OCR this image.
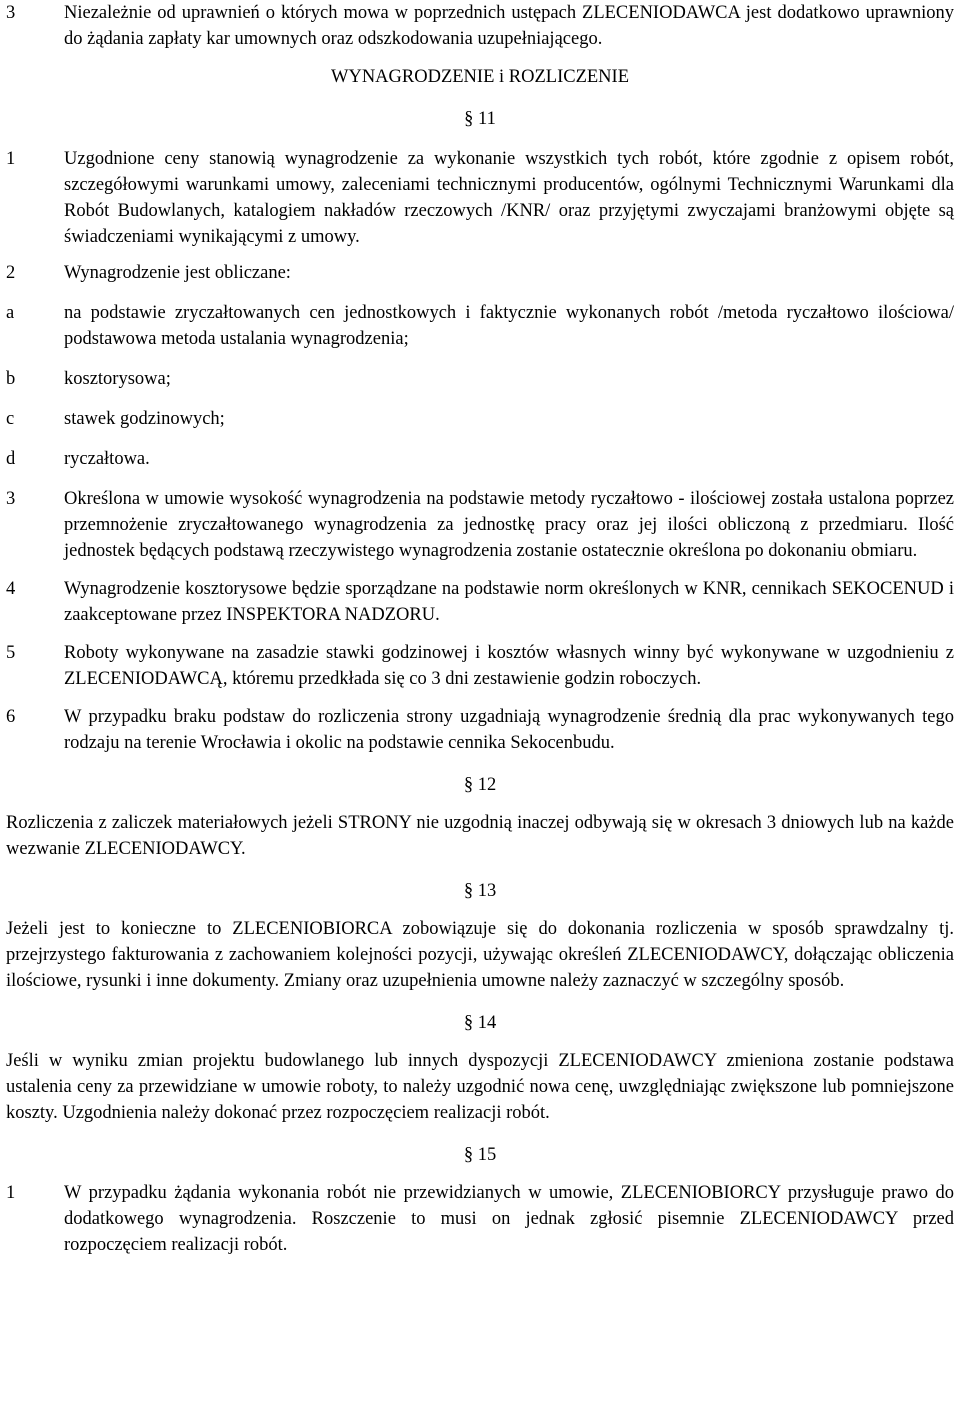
3	Niezależnie od uprawnień o których mowa w poprzednich ustępach ZLECENIODAWCA jest dodatkowo uprawniony do żądania zapłaty kar umownych oraz odszkodowania uzupełniającego.
WYNAGRODZENIE i ROZLICZENIE
§ 11
1	Uzgodnione ceny stanowią wynagrodzenie za wykonanie wszystkich tych robót, które zgodnie z opisem robót, szczegółowymi warunkami umowy, zaleceniami technicznymi producentów, ogólnymi Technicznymi Warunkami dla Robót Budowlanych, katalogiem nakładów rzeczowych /KNR/ oraz przyjętymi zwyczajami branżowymi objęte są świadczeniami wynikającymi z umowy.
2	Wynagrodzenie jest obliczane:
a	na podstawie zryczałtowanych cen jednostkowych i faktycznie wykonanych robót /metoda ryczałtowo ilościowa/ podstawowa metoda ustalania wynagrodzenia;
b	kosztorysowa;
c	stawek godzinowych;
d	ryczałtowa.
3	Określona w umowie wysokość wynagrodzenia na podstawie metody ryczałtowo - ilościowej została ustalona poprzez przemnożenie zryczałtowanego wynagrodzenia za jednostkę pracy oraz jej ilości obliczoną z przedmiaru. Ilość jednostek będących podstawą rzeczywistego wynagrodzenia zostanie ostatecznie określona po dokonaniu obmiaru.
4	Wynagrodzenie kosztorysowe będzie sporządzane na podstawie norm określonych w KNR, cennikach SEKOCENUD i zaakceptowane przez INSPEKTORA NADZORU.
5	Roboty wykonywane na zasadzie stawki godzinowej i kosztów własnych winny być wykonywane w uzgodnieniu z ZLECENIODAWCĄ, któremu przedkłada się co 3 dni zestawienie godzin roboczych.
6	W przypadku braku podstaw do rozliczenia strony uzgadniają wynagrodzenie średnią dla prac wykonywanych tego rodzaju na terenie Wrocławia i okolic na podstawie cennika Sekocenbudu.
§ 12

Rozliczenia z zaliczek materiałowych jeżeli STRONY nie uzgodnią inaczej odbywają się w okresach 3 dniowych lub na każde wezwanie ZLECENIODAWCY.

§ 13

Jeżeli jest to konieczne to ZLECENIOBIORCA zobowiązuje się do dokonania rozliczenia w sposób sprawdzalny tj. przejrzystego fakturowania z zachowaniem kolejności pozycji, używając określeń ZLECENIODAWCY, dołączając obliczenia ilościowe, rysunki i inne dokumenty. Zmiany oraz uzupełnienia umowne należy zaznaczyć w szczególny sposób.

§ 14

Jeśli w wyniku zmian projektu budowlanego lub innych dyspozycji ZLECENIODAWCY zmieniona zostanie podstawa ustalenia ceny za przewidziane w umowie roboty, to należy uzgodnić nowa cenę, uwzględniając zwiększone lub pomniejszone koszty. Uzgodnienia należy dokonać przez rozpoczęciem realizacji robót.

§ 15
1	W przypadku żądania wykonania robót nie przewidzianych w umowie, ZLECENIOBIORCY przysługuje prawo do dodatkowego wynagrodzenia. Roszczenie to musi on jednak zgłosić pisemnie ZLECENIODAWCY przed rozpoczęciem realizacji robót.
